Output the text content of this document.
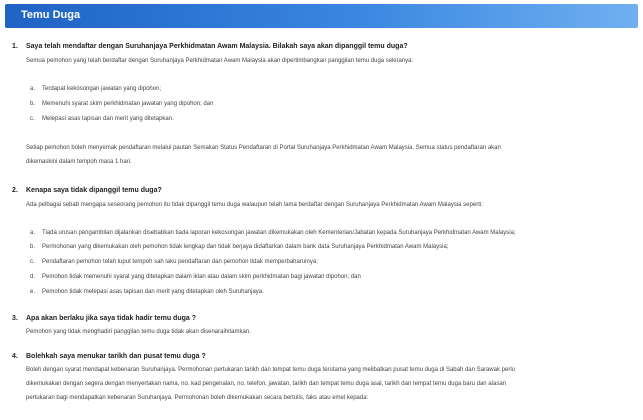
Temu Duga
1. Saya telah mendaftar dengan Suruhanjaya Perkhidmatan Awam Malaysia. Bilakah saya akan dipanggil temu duga?
Semua pemohon yang telah berdaftar dengan Suruhanjaya Perkhidmatan Awam Malaysia akan dipertimbangkan panggilan temu duga sekiranya:
a. Terdapat kekosongan jawatan yang dipohon;
b. Memenuhi syarat skim perkhidmatan jawatan yang dipohon; dan
c. Melepasi asas tapisan dan merit yang ditetapkan.
Setiap pemohon boleh menyemak pendaftaran melalui pautan Semakan Status Pendaftaran di Portal Suruhanjaya Perkhidmatan Awam Malaysia. Semua status pendaftaran akan
dikemaskini dalam tempoh masa 1 hari.
2. Kenapa saya tidak dipanggil temu duga?
Ada pelbagai sebab mengapa seseorang pemohon itu tidak dipanggil temu duga walaupun telah lama berdaftar dengan Suruhanjaya Perkhidmatan Awam Malaysia seperti:
a. Tiada urusan pengambilan dijalankan disebabkan tiada laporan kekosongan jawatan dikemukakan oleh Kementerian/Jabatan kepada Suruhanjaya Perkhidmatan Awam Malaysia;
b. Permohonan yang dikemukakan oleh pemohon tidak lengkap dan tidak berjaya didaftarkan dalam bank data Suruhanjaya Perkhidmatan Awam Malaysia;
c. Pendaftaran pemohon telah luput tempoh sah laku pendaftaran dan pemohon tidak memperbaharuinya;
d. Pemohon tidak memenuhi syarat yang ditetapkan dalam iklan atau dalam skim perkhidmatan bagi jawatan dipohon; dan
e. Pemohon tidak melepasi asas tapisan dan merit yang ditetapkan oleh Suruhanjaya.
3. Apa akan berlaku jika saya tidak hadir temu duga ?
Pemohon yang tidak menghadiri panggilan temu duga tidak akan disenaraihitamkan.
4. Bolehkah saya menukar tarikh dan pusat temu duga ?
Boleh dengan syarat mendapat kebenaran Suruhanjaya. Permohonan pertukaran tarikh dan tempat temu duga terutama yang melibatkan pusat temu duga di Sabah dan Sarawak perlu
dikemukakan dengan segera dengan menyertakan nama, no. kad pengenalan, no. telefon, jawatan, tarikh dan tempat temu duga asal, tarikh dan tempat temu duga baru dan alasan
pertukaran bagi mendapatkan kebenaran Suruhanjaya. Permohonan boleh dikemukakan secara bertulis, faks atau emel kepada:
